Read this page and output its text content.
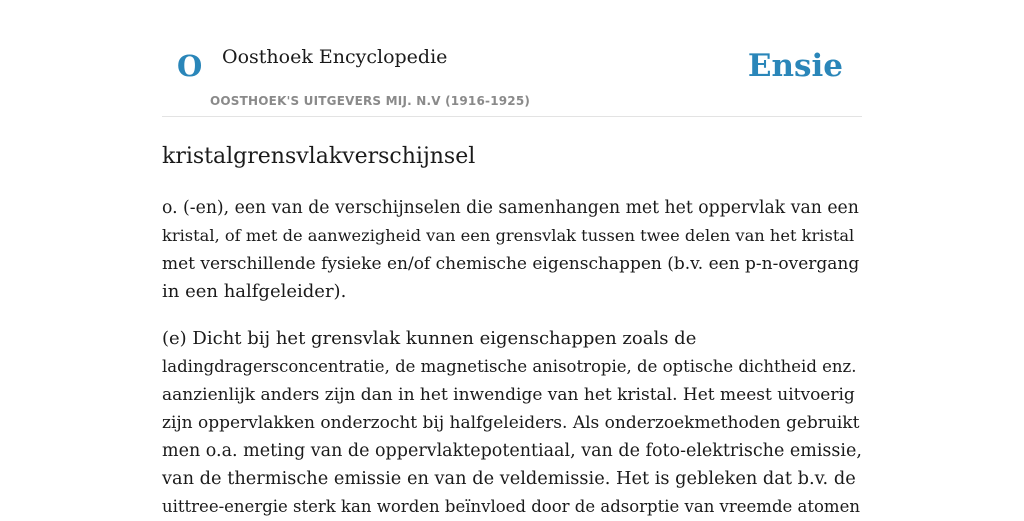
O Oosthoek Encyclopedie
OOSTHOEK'S UITGEVERS MIJ. N.V (1916-1925)
Ensie
kristalgrensvlakverschijnsel

o. (-en), een van de verschijnselen die samenhangen met het oppervlak van een
kristal, of met de aanwezigheid van een grensvlak tussen twee delen van het kristal
met verschillende fysieke en/of chemische eigenschappen (b.v. een p-n-overgang
in een halfgeleider).

(e) Dicht bij het grensvlak kunnen eigenschappen zoals de
ladingdragersconcentratie, de magnetische anisotropie, de optische dichtheid enz.
aanzienlijk anders zijn dan in het inwendige van het kristal. Het meest uitvoerig
zijn oppervlakken onderzocht bij halfgeleiders. Als onderzoekmethoden gebruikt
men o.a. meting van de oppervlaktepotentiaal, van de foto-elektrische emissie,
van de thermische emissie en van de veldemissie. Het is gebleken dat b.v. de
uittree-energie sterk kan worden beïnvloed door de adsorptie van vreemde atomen
